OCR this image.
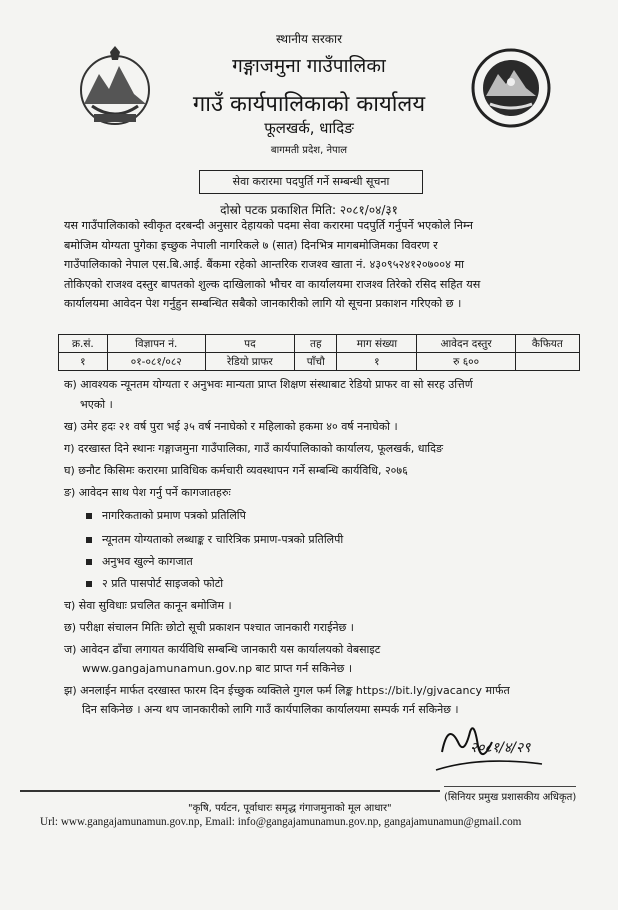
स्थानीय सरकार
गङ्गाजमुना गाउँपालिका
गाउँ कार्यपालिकाको कार्यालय
फूलखर्क, धादिङ
बागमती प्रदेश, नेपाल
सेवा करारमा पदपुर्ति गर्ने सम्बन्धी सूचना
दोस्रो पटक प्रकाशित मिति: २०८१/०४/३१
यस गाउँपालिकाको स्वीकृत दरबन्दी अनुसार देहायको पदमा सेवा करारमा पदपुर्ति गर्नुपर्ने भएकोले निम्न
बमोजिम योग्यता पुगेका इच्छुक नेपाली नागरिकले ७ (सात) दिनभित्र मागबमोजिमका विवरण र
गाउँपालिकाको नेपाल एस.बि.आई. बैंकमा रहेको आन्तरिक राजश्व खाता नं. ४३०९५२४१२०७००४ मा
तोकिएको राजश्व दस्तुर बापतको शुल्क दाखिलाको भौचर वा कार्यालयमा राजश्व तिरेको रसिद सहित यस
कार्यालयमा आवेदन पेश गर्नुहुन सम्बन्धित सबैको जानकारीको लागि यो सूचना प्रकाशन गरिएको छ ।
क्र.सं.	विज्ञापन नं.	पद	तह	माग संख्या	आवेदन दस्तुर	कैफियत
१	०१-०८१/०८२	रेडियो प्राफर	पाँचौ	१	रु ६००	
क) आवश्यक न्यूनतम योग्यता र अनुभवः मान्यता प्राप्त शिक्षण संस्थाबाट रेडियो प्राफर वा सो सरह उत्तिर्ण
भएको ।
ख) उमेर हदः २१ वर्ष पुरा भई ३५ वर्ष ननाघेको र महिलाको हकमा ४० वर्ष ननाघेको ।
ग) दरखास्त दिने स्थानः गङ्गाजमुना गाउँपालिका, गाउँ कार्यपालिकाको कार्यालय, फूलखर्क, धादिङ
घ) छनौट किसिमः करारमा प्राविधिक कर्मचारी व्यवस्थापन गर्ने सम्बन्धि कार्यविधि, २०७६
ङ) आवेदन साथ पेश गर्नु पर्ने कागजातहरुः
नागरिकताको प्रमाण पत्रको प्रतिलिपि
न्यूनतम योग्यताको लब्धाङ्क र चारित्रिक प्रमाण-पत्रको प्रतिलिपी
अनुभव खुल्ने कागजात
२ प्रति पासपोर्ट साइजको फोटो
च) सेवा सुविधाः प्रचलित कानून बमोजिम ।
छ) परीक्षा संचालन मितिः छोटो सूची प्रकाशन पश्चात जानकारी गराईनेछ ।
ज) आवेदन ढाँचा लगायत कार्यविधि सम्बन्धि जानकारी यस कार्यालयको वेबसाइट
www.gangajamunamun.gov.np बाट प्राप्त गर्न सकिनेछ ।
झ) अनलाईन मार्फत दरखास्त फारम दिन ईच्छुक व्यक्तिले गुगल फर्म लिङ्क https://bit.ly/gjvacancy मार्फत
दिन सकिनेछ । अन्य थप जानकारीको लागि गाउँ कार्यपालिका कार्यालयमा सम्पर्क गर्न सकिनेछ ।
२०८१/४/२९
(सिनियर प्रमुख प्रशासकीय अधिकृत)
"कृषि, पर्यटन, पूर्वाधारः समृद्ध गंगाजमुनाको मूल आधार"
Url: www.gangajamunamun.gov.np, Email: info@gangajamunamun.gov.np, gangajamunamun@gmail.com
